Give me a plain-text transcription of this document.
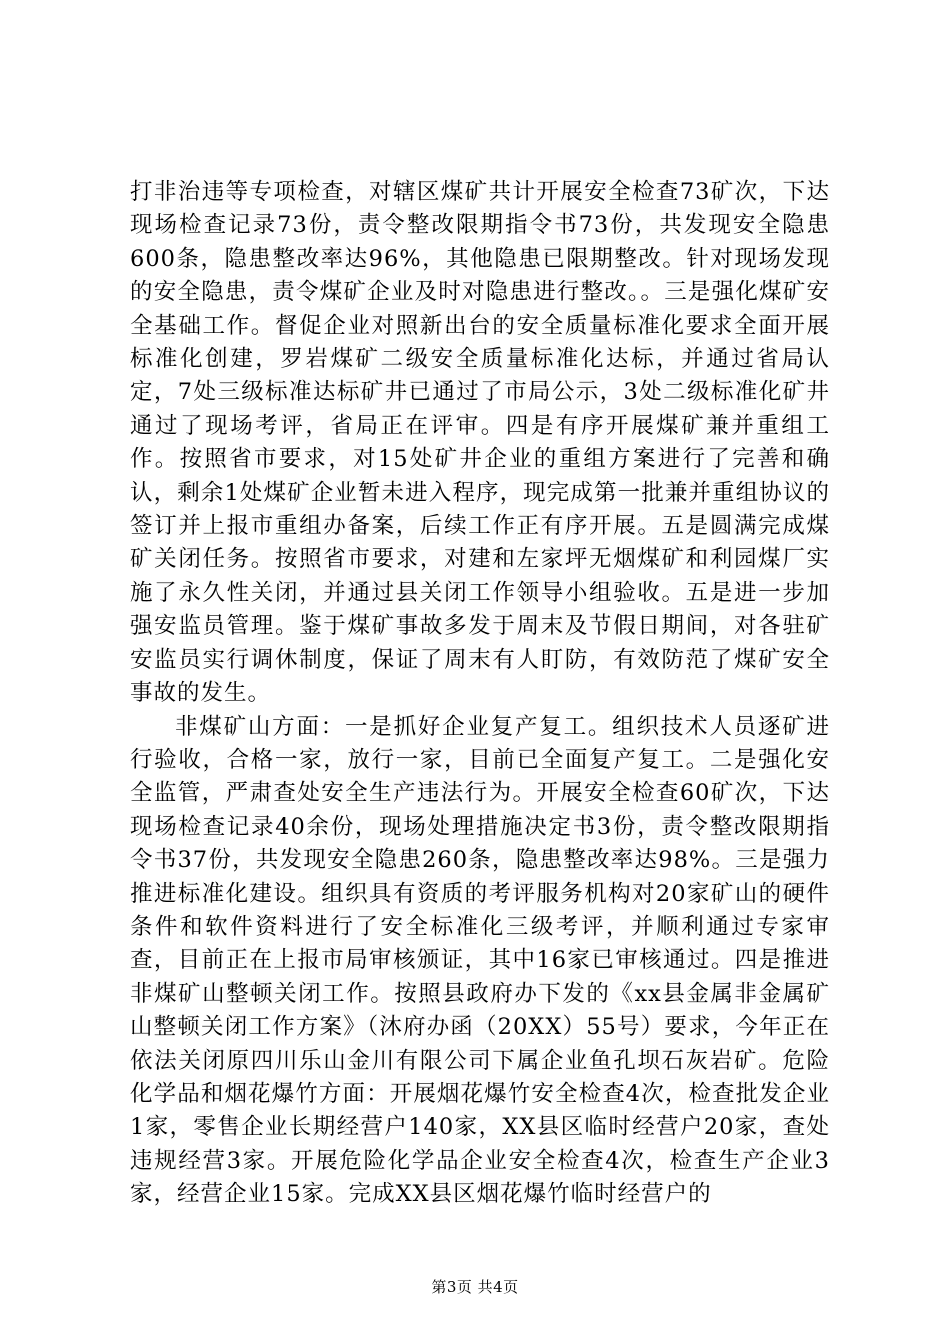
打非治违等专项检查，对辖区煤矿共计开展安全检查73矿次，下达现场检查记录73份，责令整改限期指令书73份，共发现安全隐患600条，隐患整改率达96%，其他隐患已限期整改。针对现场发现的安全隐患，责令煤矿企业及时对隐患进行整改。。三是强化煤矿安全基础工作。督促企业对照新出台的安全质量标准化要求全面开展标准化创建，罗岩煤矿二级安全质量标准化达标，并通过省局认定，7处三级标准达标矿井已通过了市局公示，3处二级标准化矿井通过了现场考评，省局正在评审。四是有序开展煤矿兼并重组工作。按照省市要求，对15处矿井企业的重组方案进行了完善和确认，剩余1处煤矿企业暂未进入程序，现完成第一批兼并重组协议的签订并上报市重组办备案，后续工作正有序开展。五是圆满完成煤矿关闭任务。按照省市要求，对建和左家坪无烟煤矿和利园煤厂实施了永久性关闭，并通过县关闭工作领导小组验收。五是进一步加强安监员管理。鉴于煤矿事故多发于周末及节假日期间，对各驻矿安监员实行调休制度，保证了周末有人盯防，有效防范了煤矿安全事故的发生。

非煤矿山方面：一是抓好企业复产复工。组织技术人员逐矿进行验收，合格一家，放行一家，目前已全面复产复工。二是强化安全监管，严肃查处安全生产违法行为。开展安全检查60矿次，下达现场检查记录40余份，现场处理措施决定书3份，责令整改限期指令书37份，共发现安全隐患260条，隐患整改率达98%。三是强力推进标准化建设。组织具有资质的考评服务机构对20家矿山的硬件条件和软件资料进行了安全标准化三级考评，并顺利通过专家审查，目前正在上报市局审核颁证，其中16家已审核通过。四是推进非煤矿山整顿关闭工作。按照县政府办下发的《xx县金属非金属矿山整顿关闭工作方案》（沐府办函（20XX）55号）要求，今年正在依法关闭原四川乐山金川有限公司下属企业鱼孔坝石灰岩矿。危险化学品和烟花爆竹方面：开展烟花爆竹安全检查4次，检查批发企业1家，零售企业长期经营户140家，XX县区临时经营户20家，查处违规经营3家。开展危险化学品企业安全检查4次，检查生产企业3家，经营企业15家。完成XX县区烟花爆竹临时经营户的

第3页 共4页
